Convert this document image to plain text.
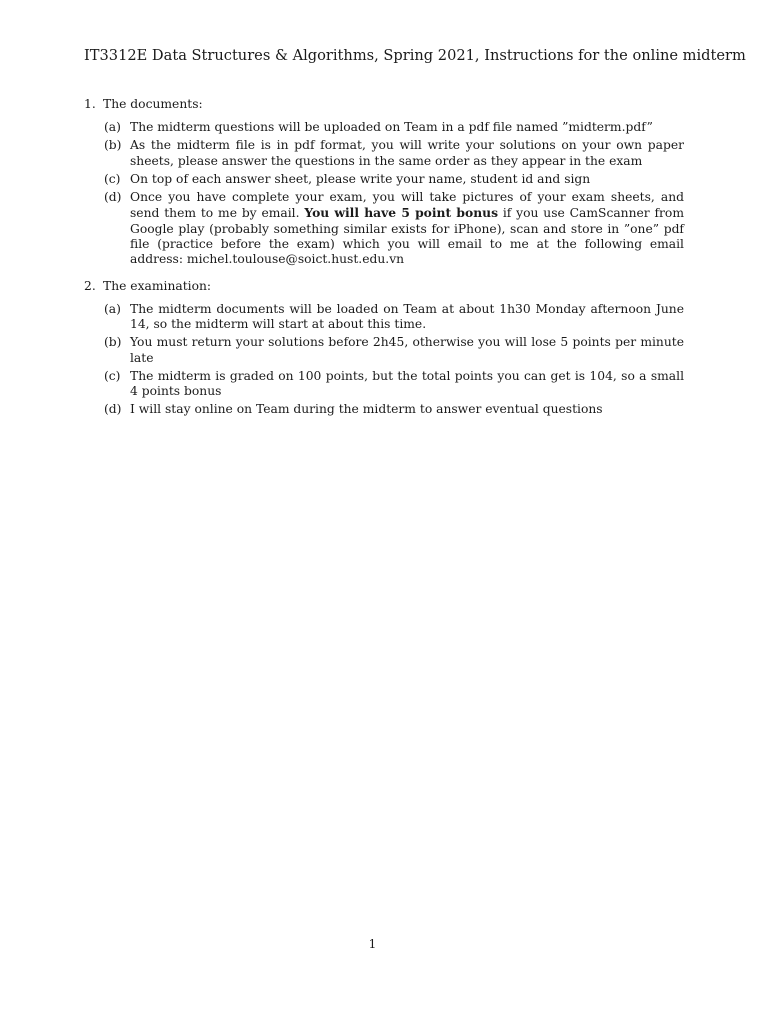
IT3312E Data Structures & Algorithms, Spring 2021, Instructions for the online midterm
1. The documents:
(a) The midterm questions will be uploaded on Team in a pdf file named ”midterm.pdf”
(b) As the midterm file is in pdf format, you will write your solutions on your own paper sheets, please answer the questions in the same order as they appear in the exam
(c) On top of each answer sheet, please write your name, student id and sign
(d) Once you have complete your exam, you will take pictures of your exam sheets, and send them to me by email. You will have 5 point bonus if you use CamScanner from Google play (probably something similar exists for iPhone), scan and store in ”one” pdf file (practice before the exam) which you will email to me at the following email address: michel.toulouse@soict.hust.edu.vn
2. The examination:
(a) The midterm documents will be loaded on Team at about 1h30 Monday afternoon June 14, so the midterm will start at about this time.
(b) You must return your solutions before 2h45, otherwise you will lose 5 points per minute late
(c) The midterm is graded on 100 points, but the total points you can get is 104, so a small 4 points bonus
(d) I will stay online on Team during the midterm to answer eventual questions
1
